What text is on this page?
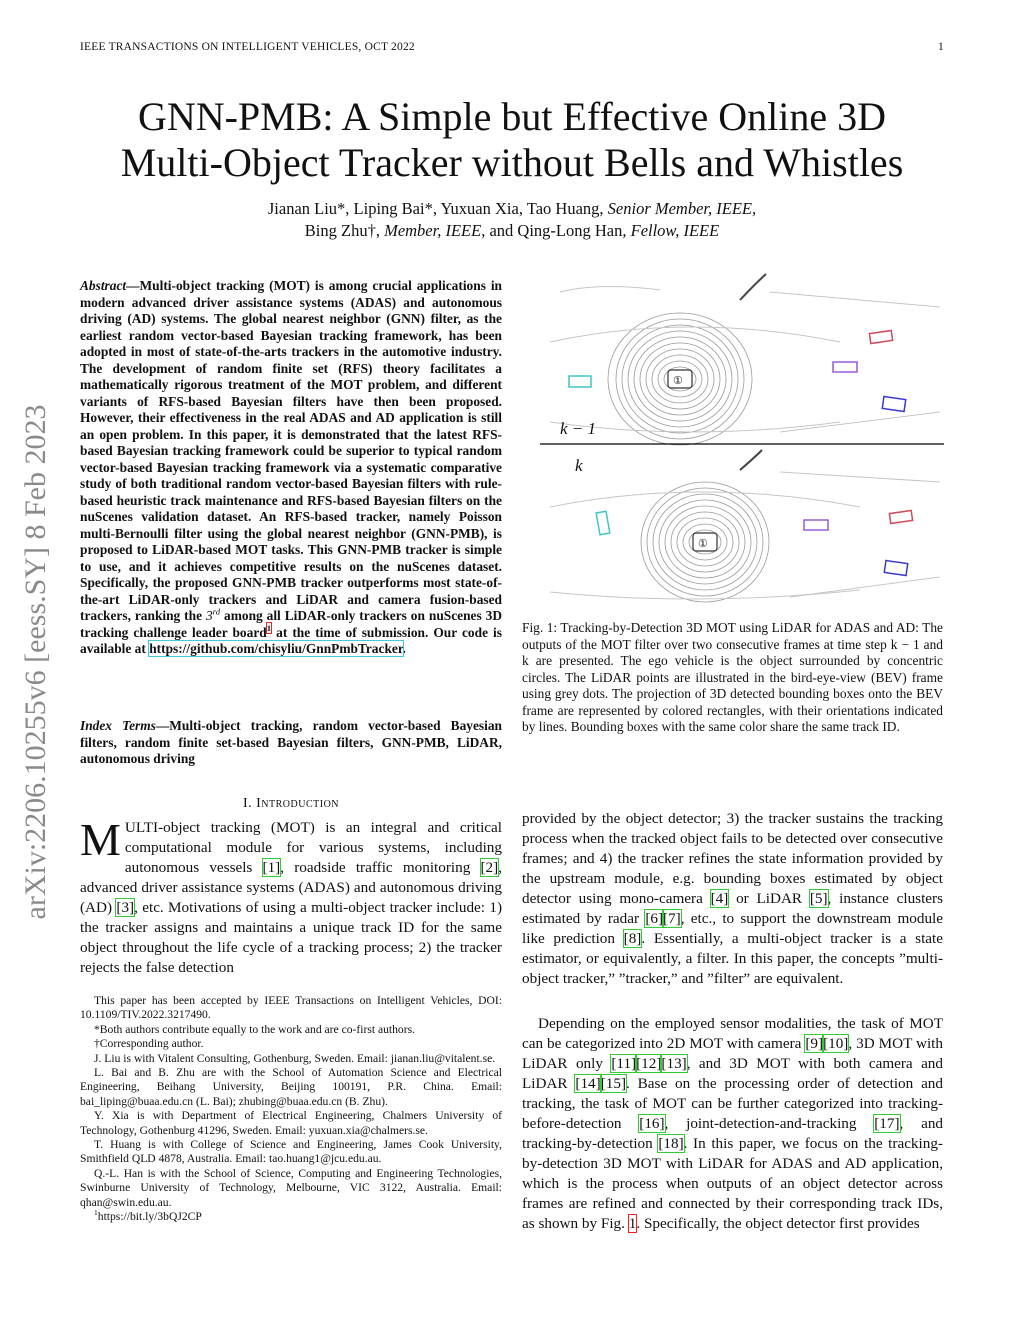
IEEE TRANSACTIONS ON INTELLIGENT VEHICLES, OCT 2022	1
arXiv:2206.10255v6 [eess.SY] 8 Feb 2023
GNN-PMB: A Simple but Effective Online 3D
Multi-Object Tracker without Bells and Whistles
Jianan Liu*, Liping Bai*, Yuxuan Xia, Tao Huang, Senior Member, IEEE,
Bing Zhu†, Member, IEEE, and Qing-Long Han, Fellow, IEEE
Abstract—Multi-object tracking (MOT) is among crucial applications in modern advanced driver assistance systems (ADAS) and autonomous driving (AD) systems. The global nearest neighbor (GNN) filter, as the earliest random vector-based Bayesian tracking framework, has been adopted in most of state-of-the-arts trackers in the automotive industry. The development of random finite set (RFS) theory facilitates a mathematically rigorous treatment of the MOT problem, and different variants of RFS-based Bayesian filters have then been proposed. However, their effectiveness in the real ADAS and AD application is still an open problem. In this paper, it is demonstrated that the latest RFS-based Bayesian tracking framework could be superior to typical random vector-based Bayesian tracking framework via a systematic comparative study of both traditional random vector-based Bayesian filters with rule-based heuristic track maintenance and RFS-based Bayesian filters on the nuScenes validation dataset. An RFS-based tracker, namely Poisson multi-Bernoulli filter using the global nearest neighbor (GNN-PMB), is proposed to LiDAR-based MOT tasks. This GNN-PMB tracker is simple to use, and it achieves competitive results on the nuScenes dataset. Specifically, the proposed GNN-PMB tracker outperforms most state-of-the-art LiDAR-only trackers and LiDAR and camera fusion-based trackers, ranking the 3rd among all LiDAR-only trackers on nuScenes 3D tracking challenge leader board$^1$ at the time of submission. Our code is available at https://github.com/chisyliu/GnnPmbTracker.
Index Terms—Multi-object tracking, random vector-based Bayesian filters, random finite set-based Bayesian filters, GNN-PMB, LiDAR, autonomous driving
I. Introduction
MULTI-object tracking (MOT) is an integral and critical computational module for various systems, including autonomous vessels [1], roadside traffic monitoring [2], advanced driver assistance systems (ADAS) and autonomous driving (AD) [3], etc. Motivations of using a multi-object tracker include: 1) the tracker assigns and maintains a unique track ID for the same object throughout the life cycle of a tracking process; 2) the tracker rejects the false detection

This paper has been accepted by IEEE Transactions on Intelligent Vehicles, DOI: 10.1109/TIV.2022.3217490.

*Both authors contribute equally to the work and are co-first authors.

†Corresponding author.

J. Liu is with Vitalent Consulting, Gothenburg, Sweden. Email: jianan.liu@vitalent.se.

L. Bai and B. Zhu are with the School of Automation Science and Electrical Engineering, Beihang University, Beijing 100191, P.R. China. Email: bai_liping@buaa.edu.cn (L. Bai); zhubing@buaa.edu.cn (B. Zhu).

Y. Xia is with Department of Electrical Engineering, Chalmers University of Technology, Gothenburg 41296, Sweden. Email: yuxuan.xia@chalmers.se.

T. Huang is with College of Science and Engineering, James Cook University, Smithfield QLD 4878, Australia. Email: tao.huang1@jcu.edu.au.

Q.-L. Han is with the School of Science, Computing and Engineering Technologies, Swinburne University of Technology, Melbourne, VIC 3122, Australia. Email: qhan@swin.edu.au.

$^1$https://bit.ly/3bQJ2CP

①
k − 1
k
①
Fig. 1: Tracking-by-Detection 3D MOT using LiDAR for ADAS and AD: The outputs of the MOT filter over two consecutive frames at time step k − 1 and k are presented. The ego vehicle is the object surrounded by concentric circles. The LiDAR points are illustrated in the bird-eye-view (BEV) frame using grey dots. The projection of 3D detected bounding boxes onto the BEV frame are represented by colored rectangles, with their orientations indicated by lines. Bounding boxes with the same color share the same track ID.
provided by the object detector; 3) the tracker sustains the tracking process when the tracked object fails to be detected over consecutive frames; and 4) the tracker refines the state information provided by the upstream module, e.g. bounding boxes estimated by object detector using mono-camera [4] or LiDAR [5], instance clusters estimated by radar [6][7], etc., to support the downstream module like prediction [8]. Essentially, a multi-object tracker is a state estimator, or equivalently, a filter. In this paper, the concepts ”multi-object tracker,” ”tracker,” and ”filter” are equivalent.
Depending on the employed sensor modalities, the task of MOT can be categorized into 2D MOT with camera [9][10], 3D MOT with LiDAR only [11][12][13], and 3D MOT with both camera and LiDAR [14][15]. Base on the processing order of detection and tracking, the task of MOT can be further categorized into tracking-before-detection [16], joint-detection-and-tracking [17], and tracking-by-detection [18]. In this paper, we focus on the tracking-by-detection 3D MOT with LiDAR for ADAS and AD application, which is the process when outputs of an object detector across frames are refined and connected by their corresponding track IDs, as shown by Fig. 1. Specifically, the object detector first provides
